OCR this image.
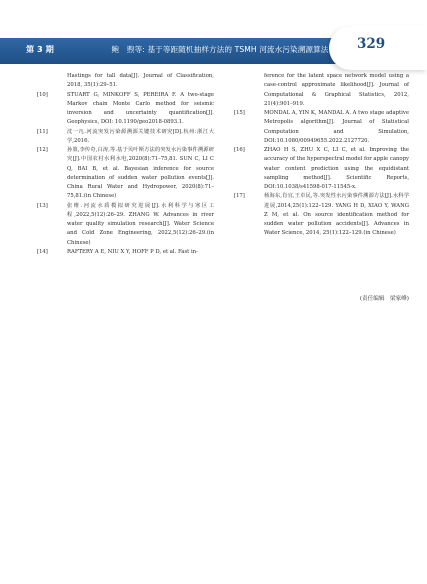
第 3 期	鲍　煦等: 基于等距随机抽样方法的 TSMH 河流水污染溯源算法	329
Hastings for tall data[J]. Journal of Classification, 2018, 35(1):29–51.
[10]	STUART G, MINKOFF S, PEREIRA F. A two-stage Markov chain Monte Carlo method for seismic inversion and uncertainty quantification[J]. Geophysics, DOI: 10.1190/geo2018-0893.1.
[11]	沈一凡.河流突发污染源溯源关键技术研究[D].杭州:浙江大学,2016.
[12]	孙策,李传奇,白涛,等.基于贝叶斯方法的突发水污染事件溯源研究[J].中国农村水利水电,2020(8):71–75,81. SUN C, LI C Q, BAI B, et al. Bayesian inference for source determination of sudden water pollution events[J]. China Rural Water and Hydropower, 2020(8):71–75,81.(in Chinese)
[13]	张维.河流水质模拟研究进展[J].水利科学与寒区工程,2022,5(12):26–29. ZHANG W. Advances in river water quality simulation research[J]. Water Science and Cold Zone Engineering, 2022,5(12):26–29.(in Chinese)
[14]	RAFTERY A E, NIU X Y, HOFF P D, et al. Fast in-
ference for the latent space network model using a case-control approximate likelihood[J]. Journal of Computational & Graphical Statistics, 2012, 21(4):901–919.
[15]	MONDAL A, YIN K, MANDAL A. A two stage adaptive Metropolis algorithm[J]. Journal of Statistical Computation and Simulation, DOI:10.1080/00949655.2022.2127720.
[16]	ZHAO H S, ZHU X C, LI C, et al. Improving the accuracy of the hyperspectral model for apple canopy water content prediction using the equidistant sampling method[J]. Scientific Reports, DOI:10.1038/s41598-017-11545-x.
[17]	杨海东,肖宜,王卓民,等.突发性水污染事件溯源方法[J].水科学进展,2014,25(1):122–129. YANG H D, XIAO Y, WANG Z M, et al. On source identification method for sudden water pollution accidents[J]. Advances in Water Science, 2014, 25(1):122–129.(in Chinese)
(责任编辑　梁家峰)
